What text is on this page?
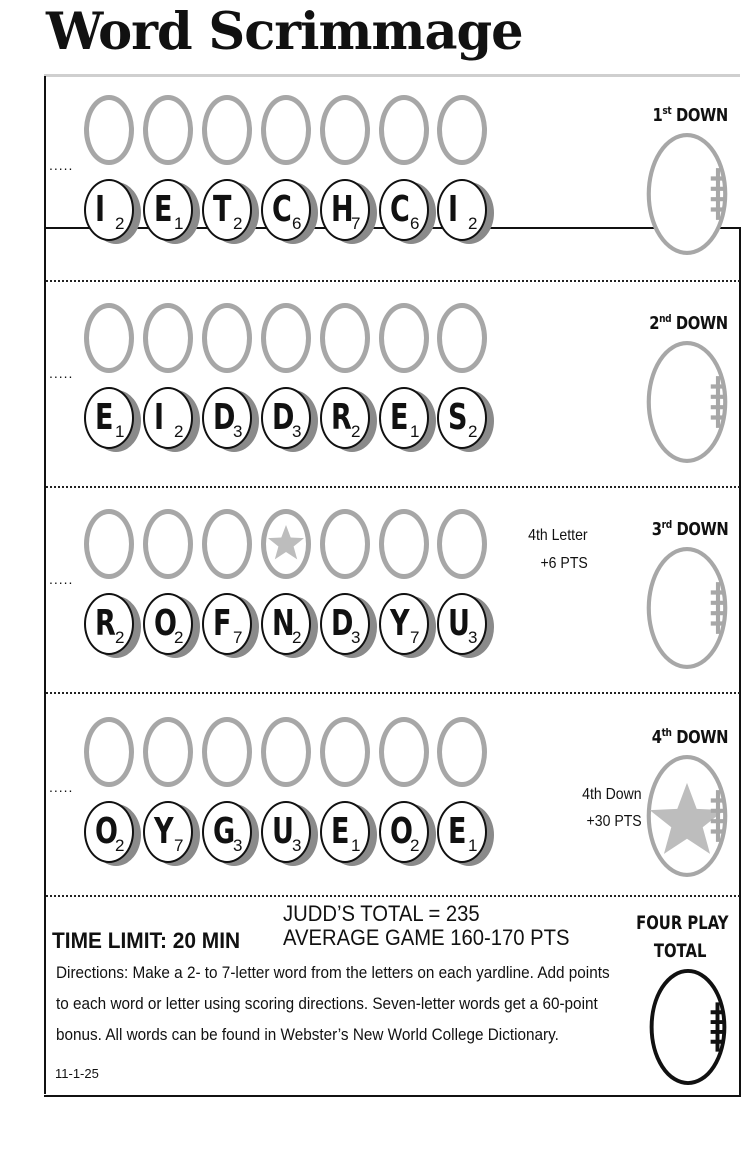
Word Scrimmage
.....
I 2 E 1 T 2 C 6 H
7 C 6 I 2
1st DOWN
.....
E 1 I 2 D
3 D
3 R 2 E 1 S 2
2nd DOWN
.....
R 2 O
2 F 7 N
2 D
3 Y 7 U
3
3rd DOWN
4th Letter
+6 PTS
.....
O
2 Y 7 G
3 U
3 E 1 O
2 E 1
4th DOWN
4th Down
+30 PTS
TIME LIMIT: 20 MIN
JUDD’S TOTAL = 235
AVERAGE GAME 160-170 PTS
Directions: Make a 2- to 7-letter word from the letters on each yardline. Add points
to each word or letter using scoring directions. Seven-letter words get a 60-point
bonus. All words can be found in Webster’s New World College Dictionary.
11-1-25
FOUR PLAY
TOTAL
